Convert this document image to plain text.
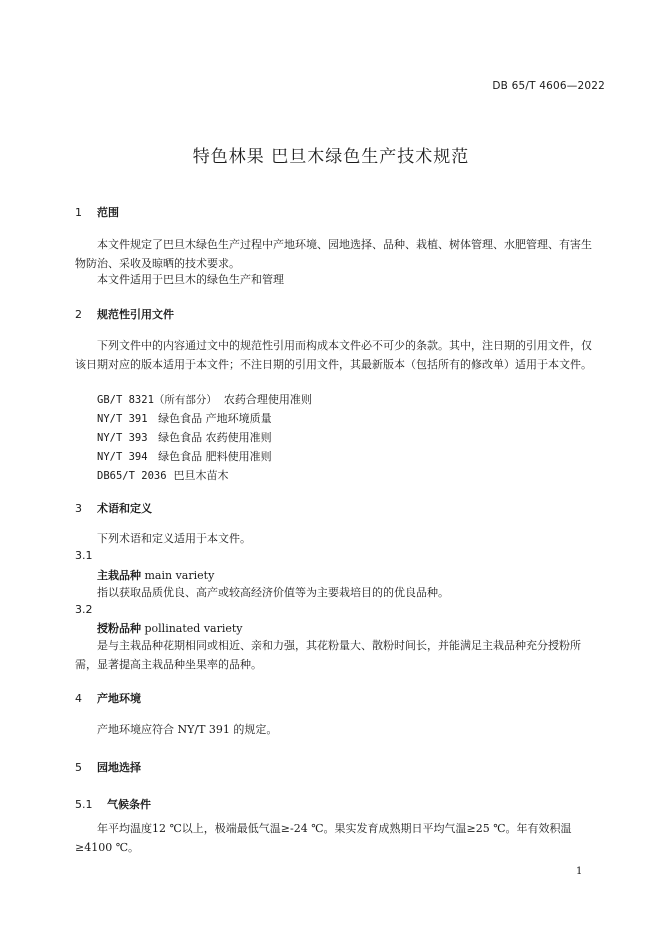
DB 65/T 4606—2022
特色林果 巴旦木绿色生产技术规范
1 范围

本文件规定了巴旦木绿色生产过程中产地环境、园地选择、品种、栽植、树体管理、水肥管理、有害生物防治、采收及晾晒的技术要求。

本文件适用于巴旦木的绿色生产和管理

2 规范性引用文件

下列文件中的内容通过文中的规范性引用而构成本文件必不可少的条款。其中，注日期的引用文件，仅该日期对应的版本适用于本文件；不注日期的引用文件，其最新版本（包括所有的修改单）适用于本文件。

GB/T 8321（所有部分） 农药合理使用准则
NY/T 391 绿色食品 产地环境质量
NY/T 393 绿色食品 农药使用准则
NY/T 394 绿色食品 肥料使用准则
DB65/T 2036 巴旦木苗木
3 术语和定义

下列术语和定义适用于本文件。

3.1
主栽品种 main variety

指以获取品质优良、高产或较高经济价值等为主要栽培目的的优良品种。

3.2
授粉品种 pollinated variety

是与主栽品种花期相同或相近、亲和力强，其花粉量大、散粉时间长，并能满足主栽品种充分授粉所需，显著提高主栽品种坐果率的品种。

4 产地环境

产地环境应符合 NY/T 391 的规定。

5 园地选择
5.1 气候条件

年平均温度12 ℃以上，极端最低气温≥-24 ℃。果实发育成熟期日平均气温≥25 ℃。年有效积温≥4100 ℃。

1
